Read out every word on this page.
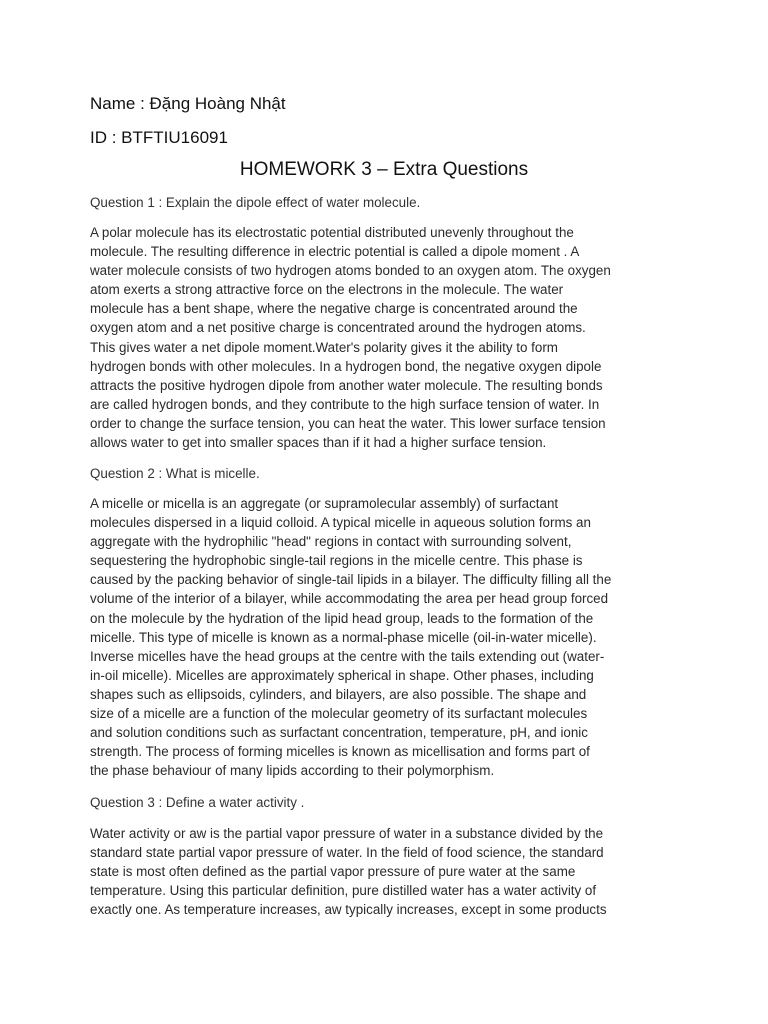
Name : Đặng Hoàng Nhật
ID : BTFTIU16091
HOMEWORK 3 – Extra Questions
Question 1 : Explain the dipole effect of water molecule.
A polar molecule has its electrostatic potential distributed unevenly throughout the
molecule. The resulting difference in electric potential is called a dipole moment . A
water molecule consists of two hydrogen atoms bonded to an oxygen atom. The oxygen
atom exerts a strong attractive force on the electrons in the molecule. The water
molecule has a bent shape, where the negative charge is concentrated around the
oxygen atom and a net positive charge is concentrated around the hydrogen atoms.
This gives water a net dipole moment.Water's polarity gives it the ability to form
hydrogen bonds with other molecules. In a hydrogen bond, the negative oxygen dipole
attracts the positive hydrogen dipole from another water molecule. The resulting bonds
are called hydrogen bonds, and they contribute to the high surface tension of water. In
order to change the surface tension, you can heat the water. This lower surface tension
allows water to get into smaller spaces than if it had a higher surface tension.
Question 2 : What is micelle.
A micelle or micella is an aggregate (or supramolecular assembly) of surfactant
molecules dispersed in a liquid colloid. A typical micelle in aqueous solution forms an
aggregate with the hydrophilic "head" regions in contact with surrounding solvent,
sequestering the hydrophobic single-tail regions in the micelle centre. This phase is
caused by the packing behavior of single-tail lipids in a bilayer. The difficulty filling all the
volume of the interior of a bilayer, while accommodating the area per head group forced
on the molecule by the hydration of the lipid head group, leads to the formation of the
micelle. This type of micelle is known as a normal-phase micelle (oil-in-water micelle).
Inverse micelles have the head groups at the centre with the tails extending out (water-
in-oil micelle). Micelles are approximately spherical in shape. Other phases, including
shapes such as ellipsoids, cylinders, and bilayers, are also possible. The shape and
size of a micelle are a function of the molecular geometry of its surfactant molecules
and solution conditions such as surfactant concentration, temperature, pH, and ionic
strength. The process of forming micelles is known as micellisation and forms part of
the phase behaviour of many lipids according to their polymorphism.
Question 3 : Define a water activity .
Water activity or aw is the partial vapor pressure of water in a substance divided by the
standard state partial vapor pressure of water. In the field of food science, the standard
state is most often defined as the partial vapor pressure of pure water at the same
temperature. Using this particular definition, pure distilled water has a water activity of
exactly one. As temperature increases, aw typically increases, except in some products
